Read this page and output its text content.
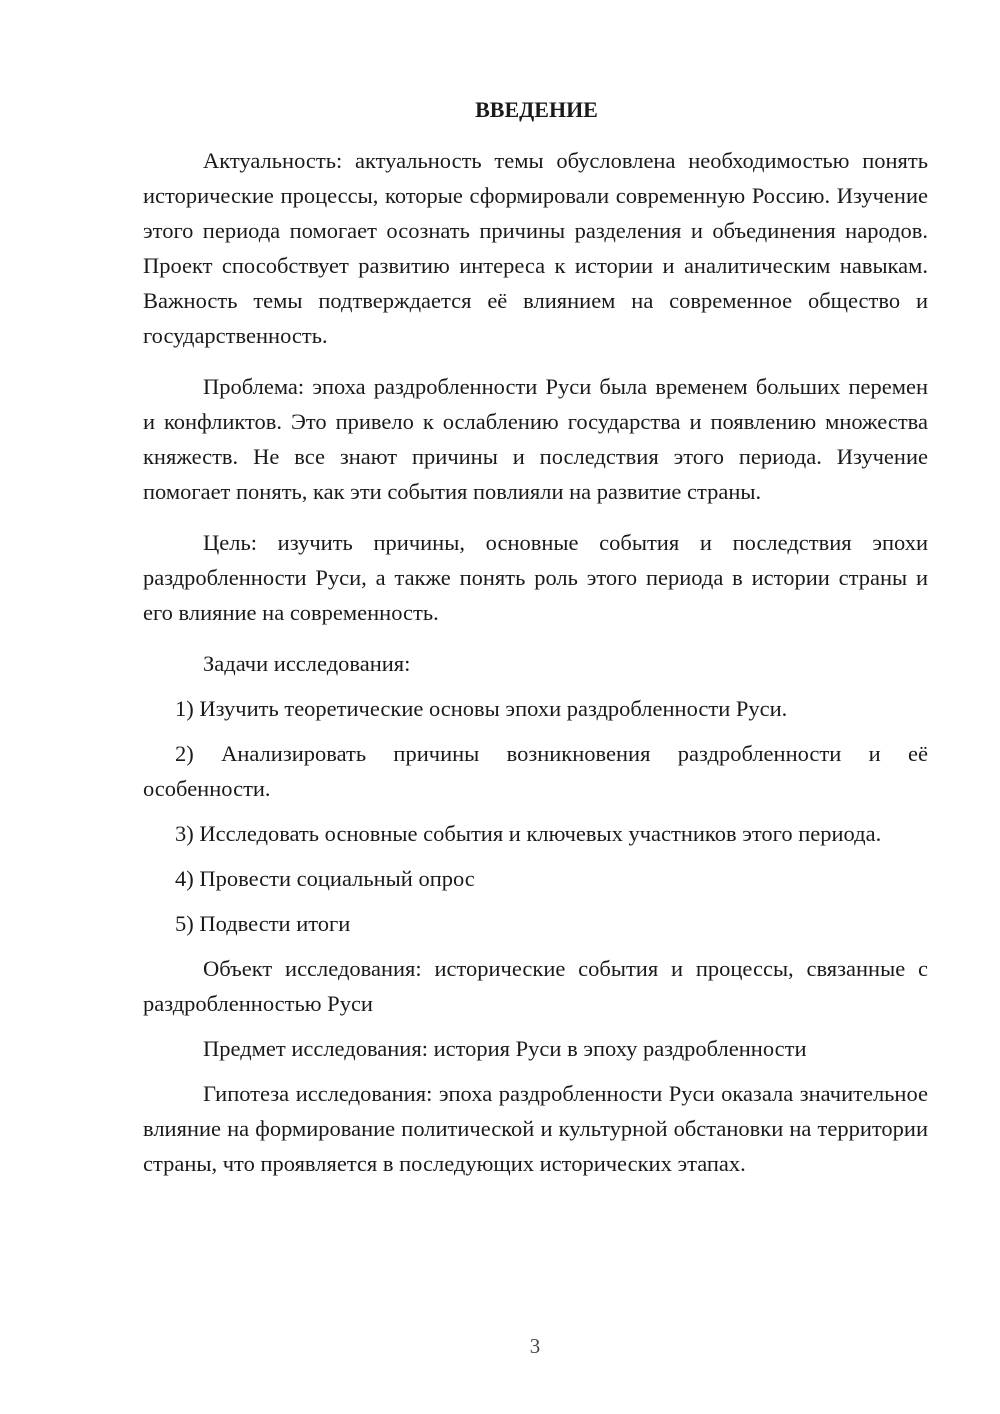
ВВЕДЕНИЕ

Актуальность: актуальность темы обусловлена необходимостью понять исторические процессы, которые сформировали современную Россию. Изучение этого периода помогает осознать причины разделения и объединения народов. Проект способствует развитию интереса к истории и аналитическим навыкам. Важность темы подтверждается её влиянием на современное общество и государственность.

Проблема: эпоха раздробленности Руси была временем больших перемен и конфликтов. Это привело к ослаблению государства и появлению множества княжеств. Не все знают причины и последствия этого периода. Изучение помогает понять, как эти события повлияли на развитие страны.

Цель: изучить причины, основные события и последствия эпохи раздробленности Руси, а также понять роль этого периода в истории страны и его влияние на современность.

Задачи исследования:

1) Изучить теоретические основы эпохи раздробленности Руси.

2) Анализировать причины возникновения раздробленности и её особенности.

3) Исследовать основные события и ключевых участников этого периода.

4) Провести социальный опрос

5) Подвести итоги

Объект исследования: исторические события и процессы, связанные с раздробленностью Руси

Предмет исследования: история Руси в эпоху раздробленности

Гипотеза исследования: эпоха раздробленности Руси оказала значительное влияние на формирование политической и культурной обстановки на территории страны, что проявляется в последующих исторических этапах.

3
